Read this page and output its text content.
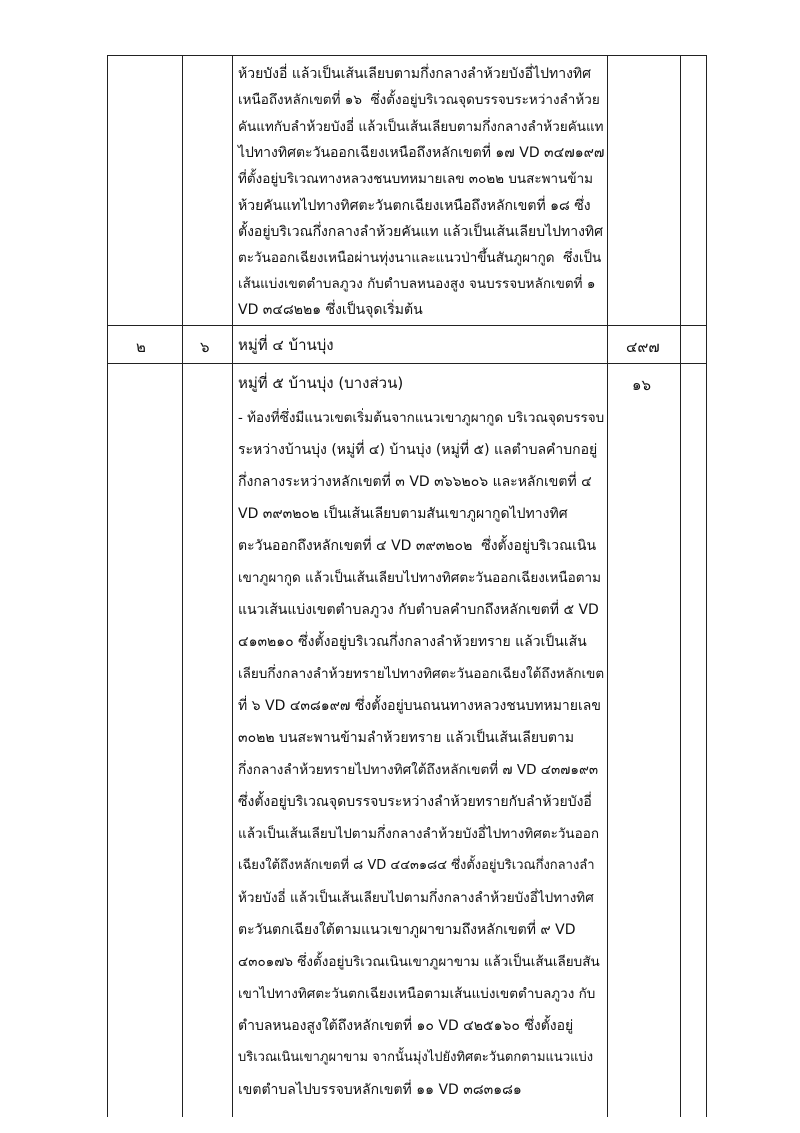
ห้วยบังอี่ แล้วเป็นเส้นเลียบตามกึ่งกลางลำห้วยบังอี่ไปทางทิศ
เหนือถึงหลักเขตที่ ๑๖  ซึ่งตั้งอยู่บริเวณจุดบรรจบระหว่างลำห้วย
คันแทกับลำห้วยบังอี่ แล้วเป็นเส้นเลียบตามกึ่งกลางลำห้วยคันแท
ไปทางทิศตะวันออกเฉียงเหนือถึงหลักเขตที่ ๑๗ VD ๓๔๗๑๙๗
ที่ตั้งอยู่บริเวณทางหลวงชนบทหมายเลข ๓๐๒๒ บนสะพานข้าม
ห้วยคันแทไปทางทิศตะวันตกเฉียงเหนือถึงหลักเขตที่ ๑๘ ซึ่ง
ตั้งอยู่บริเวณกึ่งกลางลำห้วยคันแท แล้วเป็นเส้นเลียบไปทางทิศ
ตะวันออกเฉียงเหนือผ่านทุ่งนาและแนวป่าขึ้นสันภูผากูด  ซึ่งเป็น
เส้นแบ่งเขตตำบลภูวง กับตำบลหนองสูง จนบรรจบหลักเขตที่ ๑
VD ๓๔๘๒๒๑ ซึ่งเป็นจุดเริ่มต้น
๒	๖ หมู่ที่ ๔ บ้านบุ่ง	๔๙๗
หมู่ที่ ๕ บ้านบุ่ง (บางส่วน)	๑๖
- ท้องที่ซึ่งมีแนวเขตเริ่มต้นจากแนวเขาภูผากูด บริเวณจุดบรรจบ
ระหว่างบ้านบุ่ง (หมู่ที่ ๔) บ้านบุ่ง (หมู่ที่ ๕) แลตำบลคำบกอยู่
กึ่งกลางระหว่างหลักเขตที่ ๓ VD ๓๖๖๒๐๖ และหลักเขตที่ ๔
VD ๓๙๓๒๐๒ เป็นเส้นเลียบตามสันเขาภูผากูดไปทางทิศ
ตะวันออกถึงหลักเขตที่ ๔ VD ๓๙๓๒๐๒  ซึ่งตั้งอยู่บริเวณเนิน
เขาภูผากูด แล้วเป็นเส้นเลียบไปทางทิศตะวันออกเฉียงเหนือตาม
แนวเส้นแบ่งเขตตำบลภูวง กับตำบลคำบกถึงหลักเขตที่ ๕ VD
๔๑๓๒๑๐ ซึ่งตั้งอยู่บริเวณกึ่งกลางลำห้วยทราย แล้วเป็นเส้น
เลียบกึ่งกลางลำห้วยทรายไปทางทิศตะวันออกเฉียงใต้ถึงหลักเขต
ที่ ๖ VD ๔๓๘๑๙๗ ซึ่งตั้งอยู่บนถนนทางหลวงชนบทหมายเลข
๓๐๒๒ บนสะพานข้ามลำห้วยทราย แล้วเป็นเส้นเลียบตาม
กึ่งกลางลำห้วยทรายไปทางทิศใต้ถึงหลักเขตที่ ๗ VD ๔๓๗๑๙๓
ซึ่งตั้งอยู่บริเวณจุดบรรจบระหว่างลำห้วยทรายกับลำห้วยบังอี่
แล้วเป็นเส้นเลียบไปตามกึ่งกลางลำห้วยบังอี่ไปทางทิศตะวันออก
เฉียงใต้ถึงหลักเขตที่ ๘ VD ๔๔๓๑๘๔ ซึ่งตั้งอยู่บริเวณกึ่งกลางลำ
ห้วยบังอี่ แล้วเป็นเส้นเลียบไปตามกึ่งกลางลำห้วยบังอี่ไปทางทิศ
ตะวันตกเฉียงใต้ตามแนวเขาภูผาขามถึงหลักเขตที่ ๙ VD
๔๓๐๑๗๖ ซึ่งตั้งอยู่บริเวณเนินเขาภูผาขาม แล้วเป็นเส้นเลียบสัน
เขาไปทางทิศตะวันตกเฉียงเหนือตามเส้นแบ่งเขตตำบลภูวง กับ
ตำบลหนองสูงใต้ถึงหลักเขตที่ ๑๐ VD ๔๒๕๑๖๐ ซึ่งตั้งอยู่
บริเวณเนินเขาภูผาขาม จากนั้นมุ่งไปยังทิศตะวันตกตามแนวแบ่ง
เขตตำบลไปบรรจบหลักเขตที่ ๑๑ VD ๓๘๓๑๘๑
